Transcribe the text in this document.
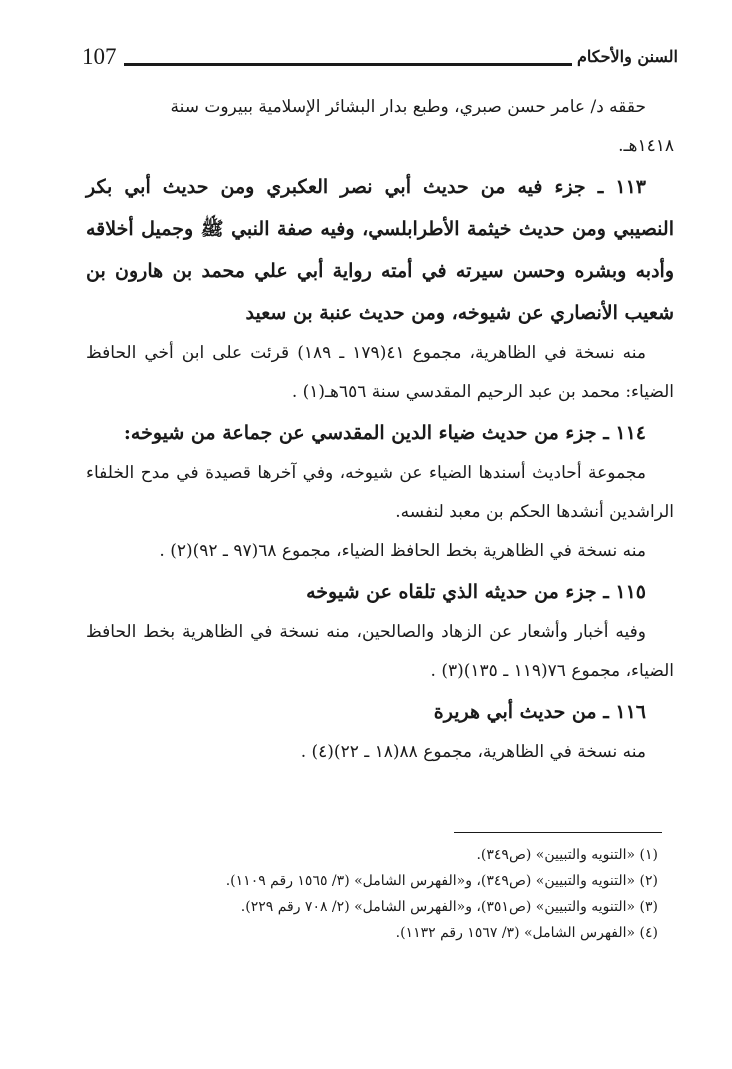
107	السنن والأحكام

حققه د/ عامر حسن صبري، وطبع بدار البشائر الإسلامية ببيروت سنة

١٤١٨هـ.

١١٣ ـ جزء فيه من حديث أبي نصر العكبري ومن حديث أبي بكر النصيبي ومن حديث خيثمة الأطرابلسي، وفيه صفة النبي ﷺ وجميل أخلاقه وأدبه وبشره وحسن سيرته في أمته رواية أبي علي محمد بن هارون بن شعيب الأنصاري عن شيوخه، ومن حديث عنبة بن سعيد

منه نسخة في الظاهرية، مجموع ٤١(١٧٩ ـ ١٨٩) قرئت على ابن أخي الحافظ الضياء: محمد بن عبد الرحيم المقدسي سنة ٦٥٦هـ(١) .

١١٤ ـ جزء من حديث ضياء الدين المقدسي عن جماعة من شيوخه:

مجموعة أحاديث أسندها الضياء عن شيوخه، وفي آخرها قصيدة في مدح الخلفاء الراشدين أنشدها الحكم بن معبد لنفسه.

منه نسخة في الظاهرية بخط الحافظ الضياء، مجموع ٦٨(٩٧ ـ ٩٢)(٢) .

١١٥ ـ جزء من حديثه الذي تلقاه عن شيوخه

وفيه أخبار وأشعار عن الزهاد والصالحين، منه نسخة في الظاهرية بخط الحافظ الضياء، مجموع ٧٦(١١٩ ـ ١٣٥)(٣) .

١١٦ ـ من حديث أبي هريرة

منه نسخة في الظاهرية، مجموع ٨٨(١٨ ـ ٢٢)(٤) .

(١) «التنويه والتبيين» (ص٣٤٩).

(٢) «التنويه والتبيين» (ص٣٤٩)، و«الفهرس الشامل» (٣/ ١٥٦٥ رقم ١١٠٩).

(٣) «التنويه والتبيين» (ص٣٥١)، و«الفهرس الشامل» (٢/ ٧٠٨ رقم ٢٢٩).

(٤) «الفهرس الشامل» (٣/ ١٥٦٧ رقم ١١٣٢).
